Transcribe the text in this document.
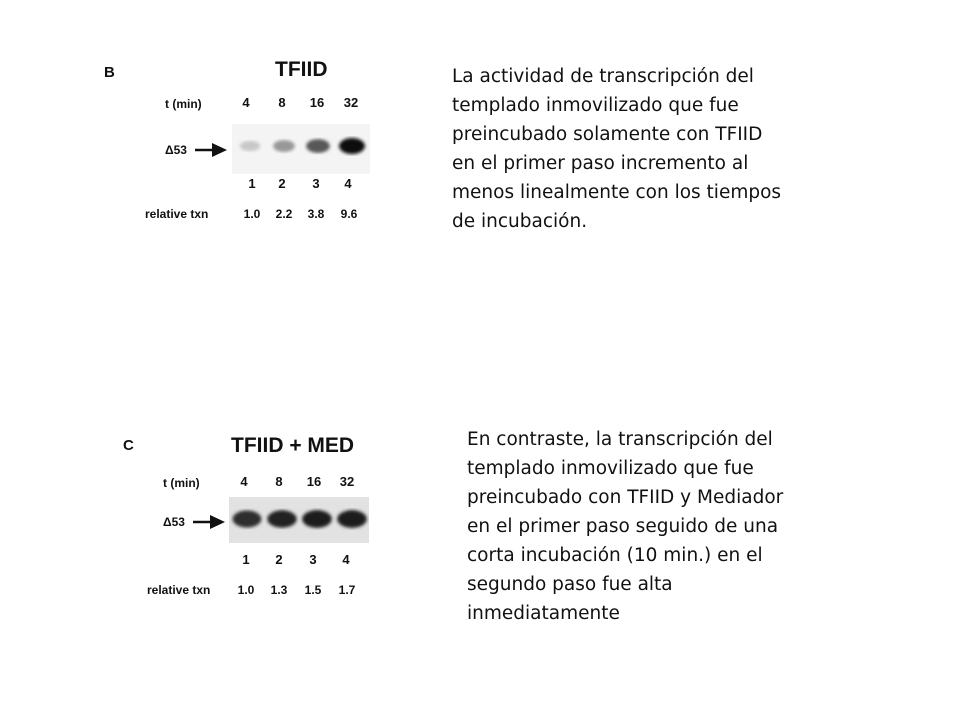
B	TFIID
t (min)	4	8	16	32
Δ53
1	2	3	4
relative txn	1.0	2.2	3.8	9.6
La actividad de transcripción del
templado inmovilizado que fue
preincubado solamente con TFIID
en el primer paso incremento al
menos linealmente con los tiempos
de incubación.
C	TFIID + MED
t (min)	4	8	16	32
Δ53
1	2	3	4
relative txn	1.0	1.3	1.5	1.7
En contraste, la transcripción del
templado inmovilizado que fue
preincubado con TFIID y Mediador
en el primer paso seguido de una
corta incubación (10 min.) en el
segundo paso fue alta
inmediatamente
